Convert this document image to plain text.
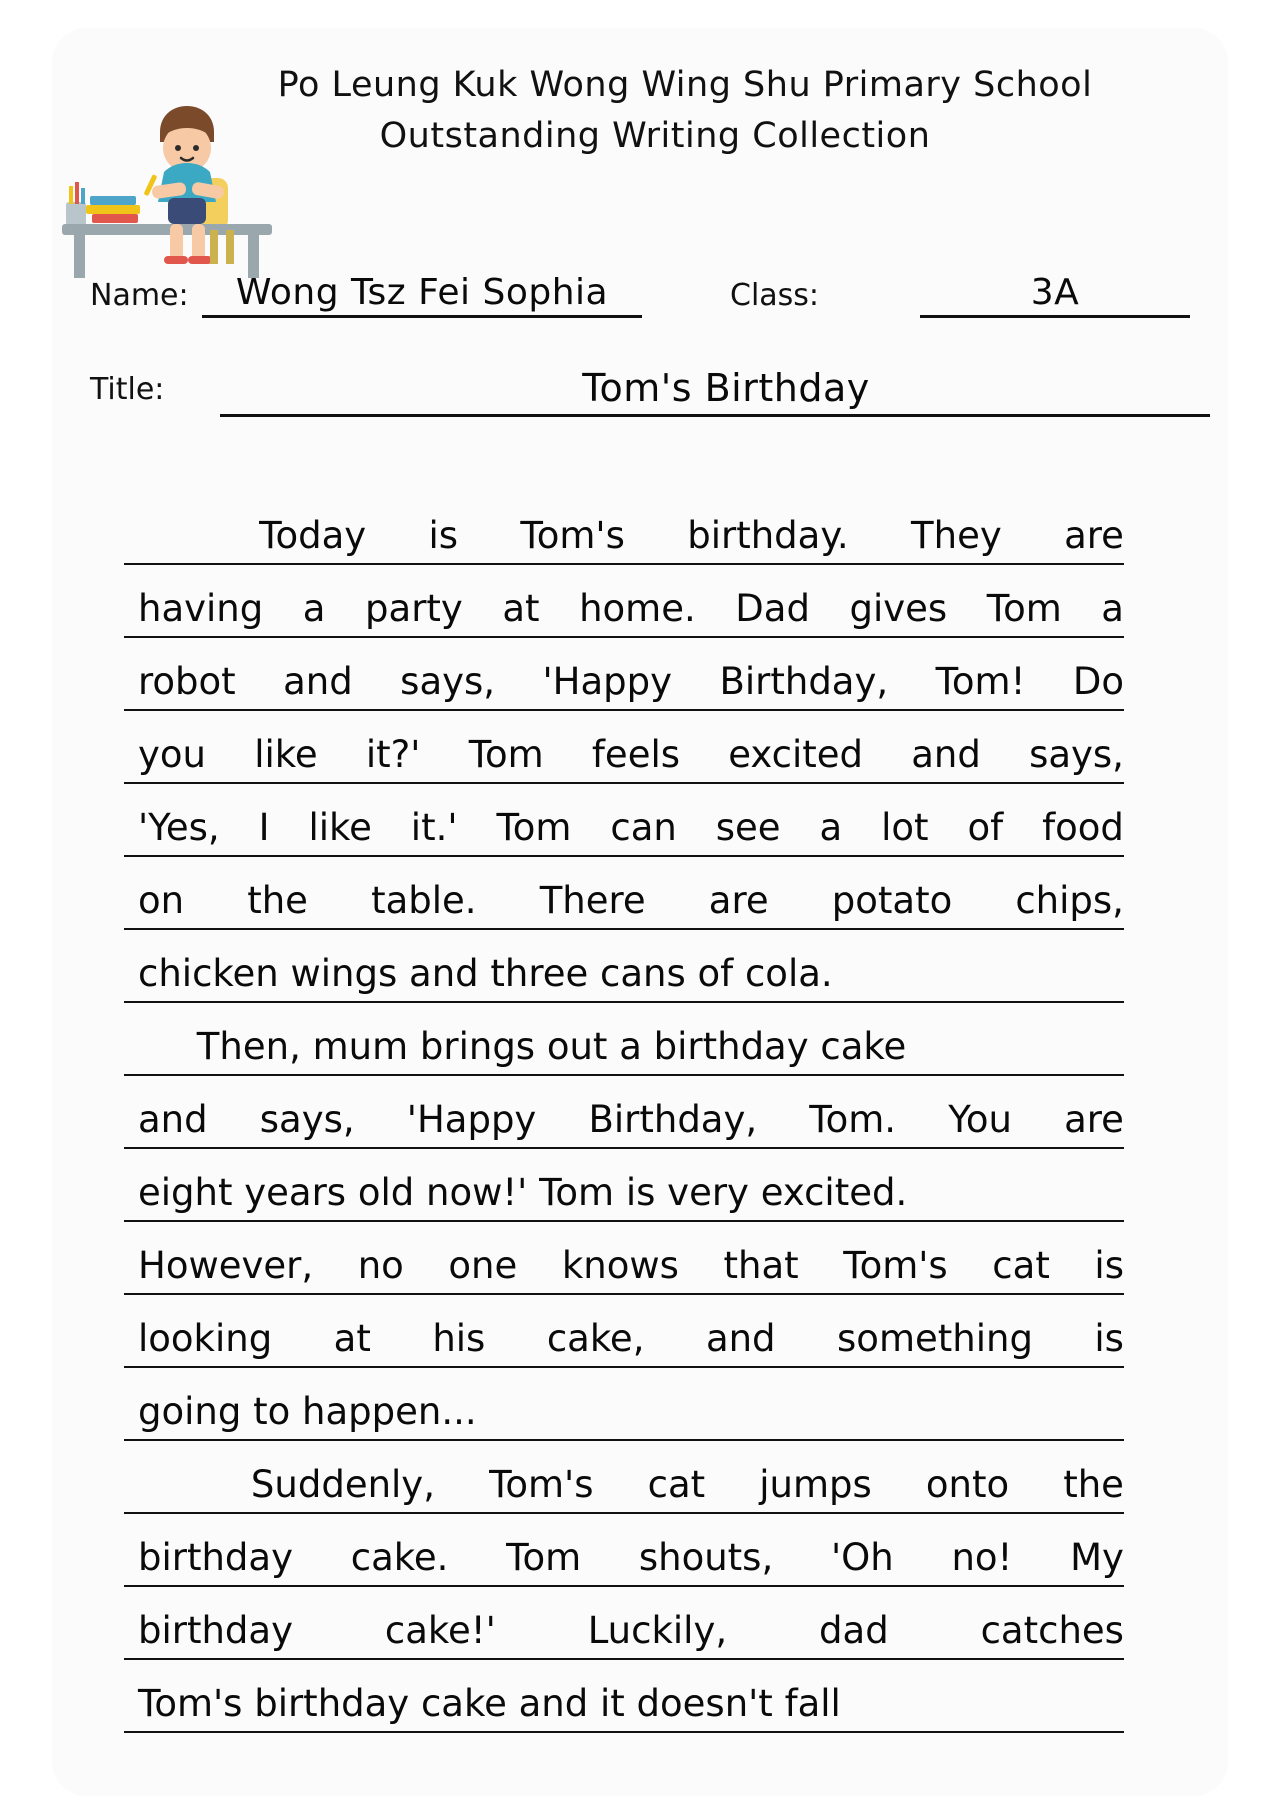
Po Leung Kuk Wong Wing Shu Primary School
Outstanding Writing Collection
Name:	Wong Tsz Fei Sophia	Class:	3A
Title:	Tom's Birthday

Today is Tom's birthday. They are
having a party at home. Dad gives Tom a
robot and says, 'Happy Birthday, Tom! Do
you like it?' Tom feels excited and says,
'Yes, I like it.' Tom can see a lot of food
on the table. There are potato chips,
chicken wings and three cans of cola.
Then, mum brings out a birthday cake
and says, 'Happy Birthday, Tom. You are
eight years old now!' Tom is very excited.
However, no one knows that Tom's cat is
looking at his cake, and something is
going to happen...

Suddenly, Tom's cat jumps onto the
birthday cake. Tom shouts, 'Oh no! My
birthday cake!' Luckily, dad catches
Tom's birthday cake and it doesn't fall
